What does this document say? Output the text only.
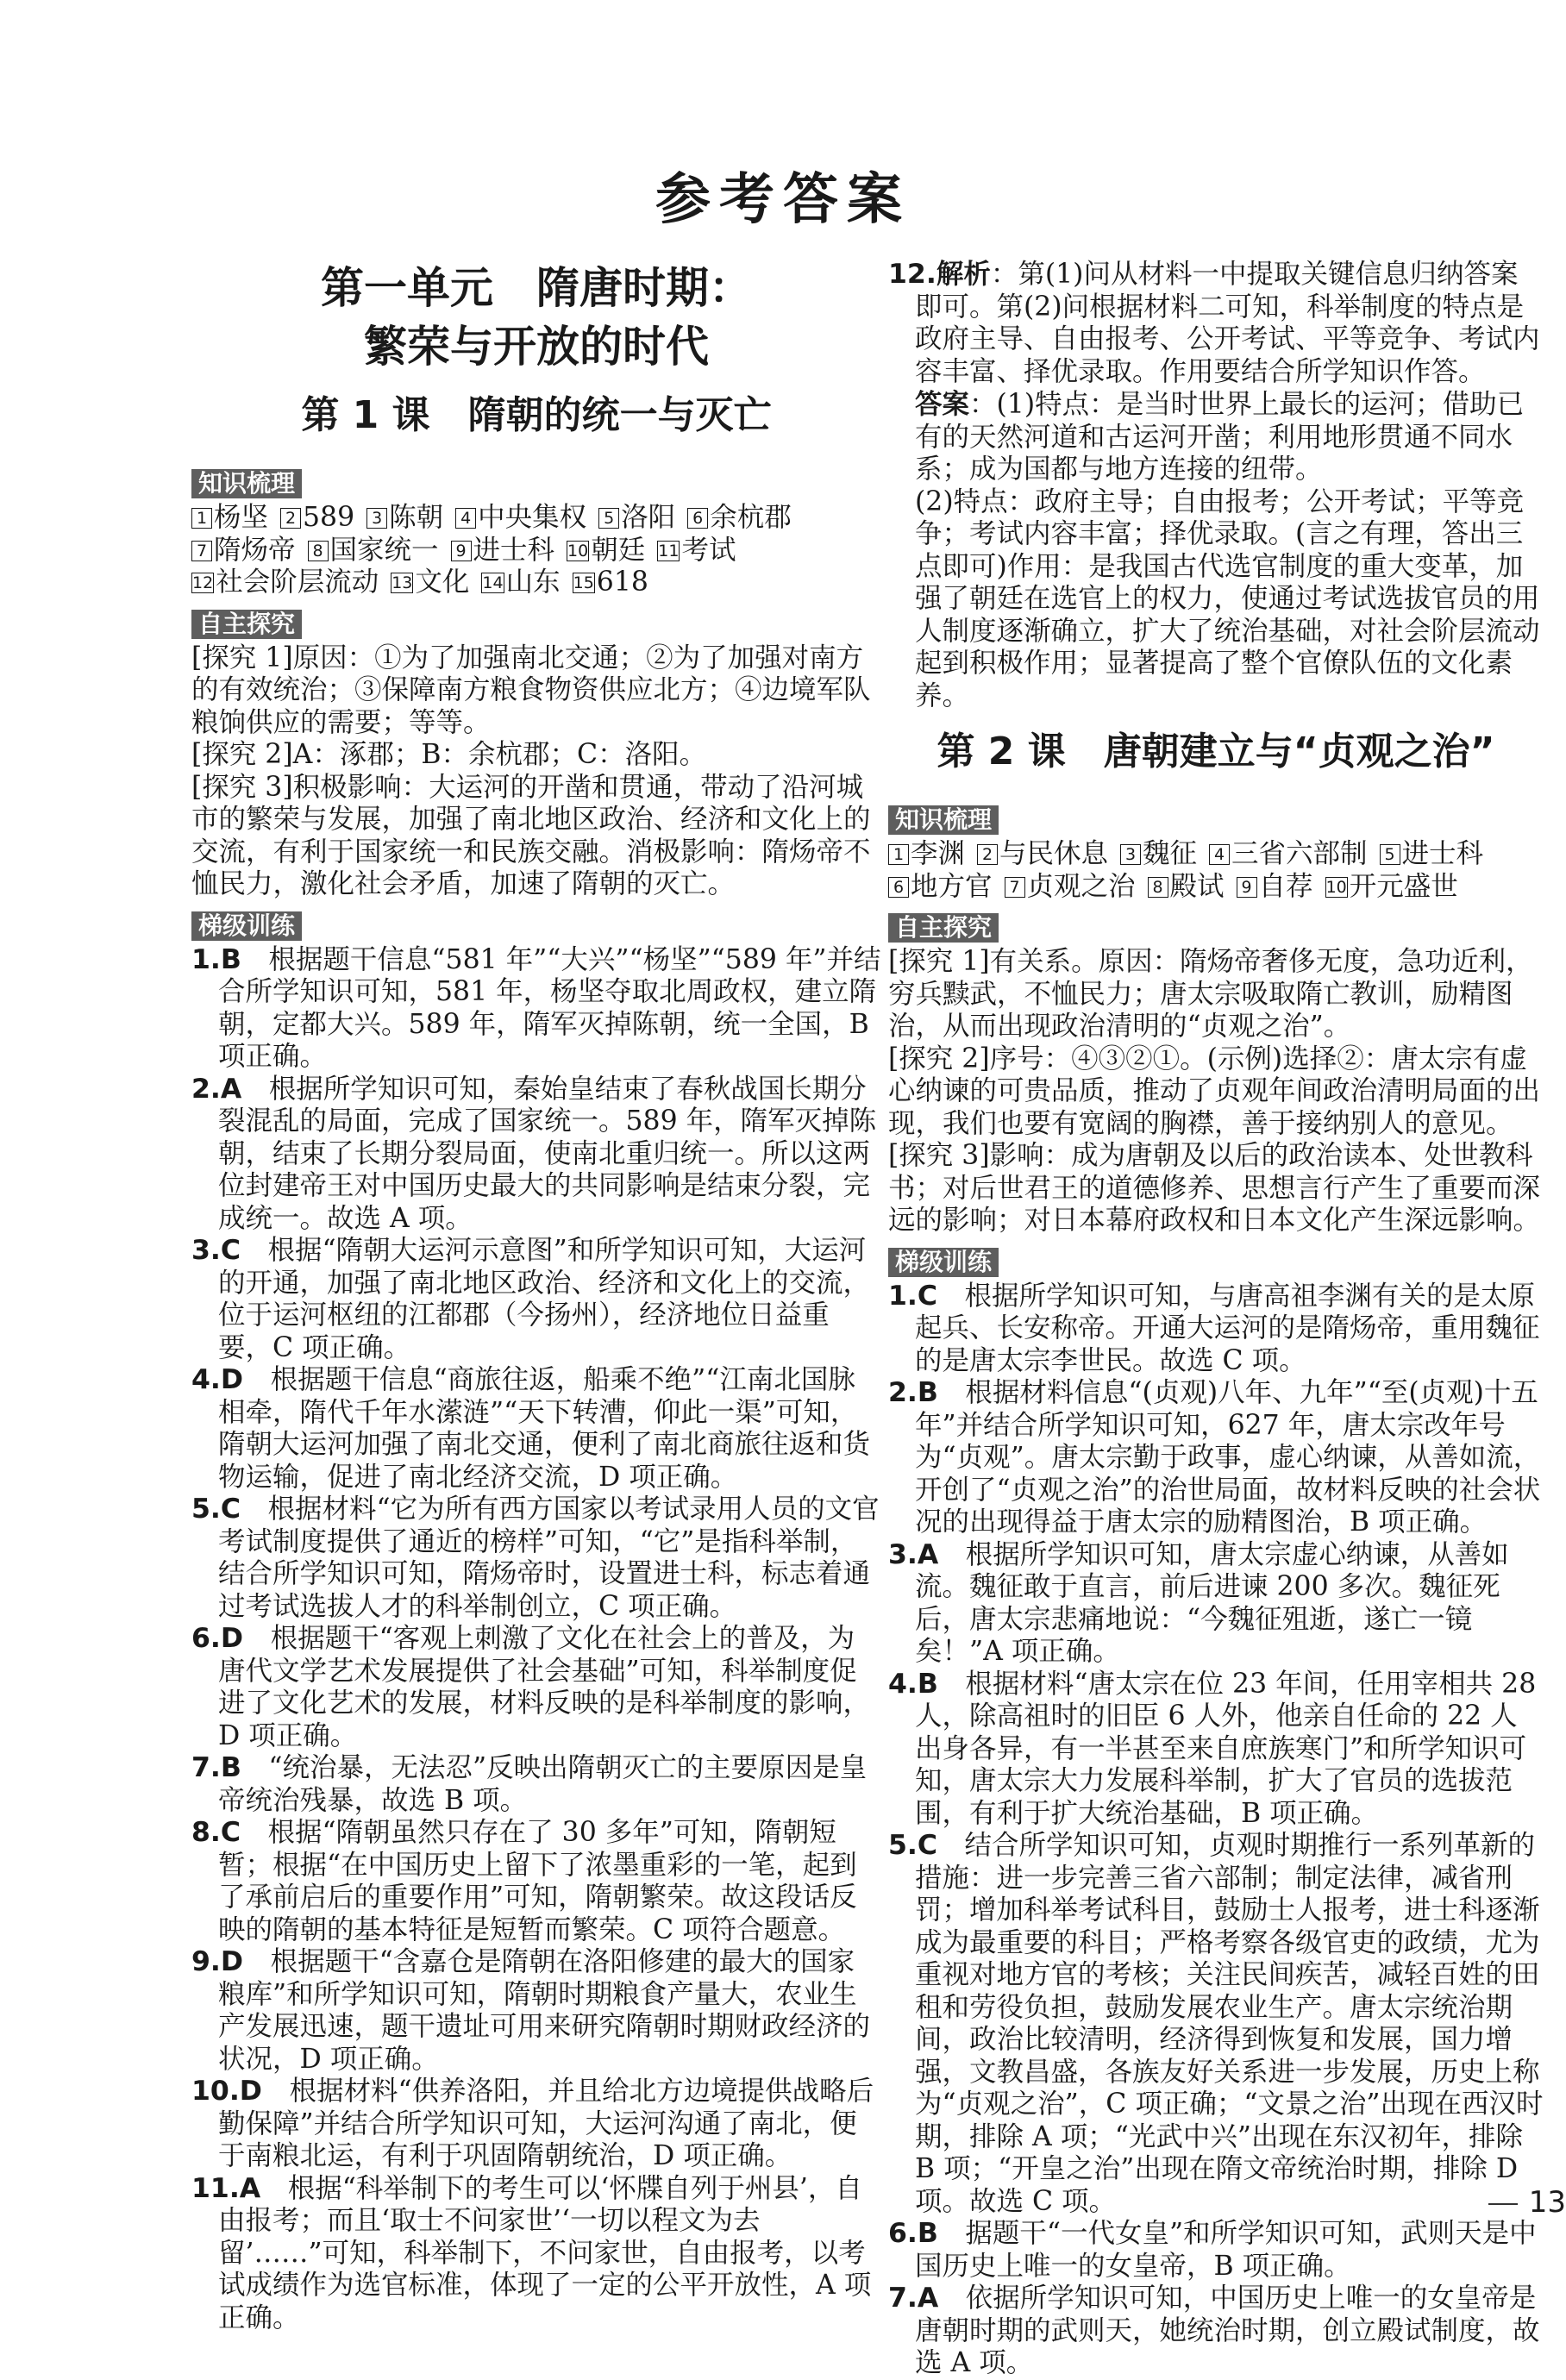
参考答案
第一单元　隋唐时期：
繁荣与开放的时代
第 1 课　隋朝的统一与灭亡
知识梳理
1 杨坚	2 589	3 陈朝	4 中央集权	5 洛阳	6 余杭郡
7 隋炀帝	8 国家统一	9 进士科 10朝廷 11考试
12社会阶层流动 13文化 14山东 15618
自主探究

[探究 1]原因：①为了加强南北交通；②为了加强对南方的有效统治；③保障南方粮食物资供应北方；④边境军队粮饷供应的需要；等等。

[探究 2]A：涿郡；B：余杭郡；C：洛阳。

[探究 3]积极影响：大运河的开凿和贯通，带动了沿河城市的繁荣与发展，加强了南北地区政治、经济和文化上的交流，有利于国家统一和民族交融。消极影响：隋炀帝不恤民力，激化社会矛盾，加速了隋朝的灭亡。

梯级训练

1.B　 根据题干信息“581 年”“大兴”“杨坚”“589 年”并结合所学知识可知，581 年，杨坚夺取北周政权，建立隋朝，定都大兴。589 年，隋军灭掉陈朝，统一全国，B 项正确。

2.A　 根据所学知识可知，秦始皇结束了春秋战国长期分裂混乱的局面，完成了国家统一。589 年，隋军灭掉陈朝，结束了长期分裂局面，使南北重归统一。所以这两位封建帝王对中国历史最大的共同影响是结束分裂，完成统一。故选 A 项。

3.C　 根据“隋朝大运河示意图”和所学知识可知，大运河的开通，加强了南北地区政治、经济和文化上的交流，位于运河枢纽的江都郡（今扬州），经济地位日益重要，C 项正确。

4.D　 根据题干信息“商旅往返，船乘不绝”“江南北国脉相牵，隋代千年水潆涟”“天下转漕，仰此一渠”可知，隋朝大运河加强了南北交通，便利了南北商旅往返和货物运输，促进了南北经济交流，D 项正确。

5.C　 根据材料“它为所有西方国家以考试录用人员的文官考试制度提供了通近的榜样”可知，“它”是指科举制，结合所学知识可知，隋炀帝时，设置进士科，标志着通过考试选拔人才的科举制创立，C 项正确。

6.D　 根据题干“客观上刺激了文化在社会上的普及，为唐代文学艺术发展提供了社会基础”可知，科举制度促进了文化艺术的发展，材料反映的是科举制度的影响，D 项正确。

7.B　 “统治暴，无法忍”反映出隋朝灭亡的主要原因是皇帝统治残暴，故选 B 项。

8.C　 根据“隋朝虽然只存在了 30 多年”可知，隋朝短暂；根据“在中国历史上留下了浓墨重彩的一笔，起到了承前启后的重要作用”可知，隋朝繁荣。故这段话反映的隋朝的基本特征是短暂而繁荣。C 项符合题意。

9.D　 根据题干“含嘉仓是隋朝在洛阳修建的最大的国家粮库”和所学知识可知，隋朝时期粮食产量大，农业生产发展迅速，题干遗址可用来研究隋朝时期财政经济的状况，D 项正确。

10.D　 根据材料“供养洛阳，并且给北方边境提供战略后勤保障”并结合所学知识可知，大运河沟通了南北，便于南粮北运，有利于巩固隋朝统治，D 项正确。

11.A　 根据“科举制下的考生可以‘怀牒自列于州县’，自由报考；而且‘取士不问家世’‘一切以程文为去留’……”可知，科举制下，不问家世，自由报考，以考试成绩作为选官标准，体现了一定的公平开放性，A 项正确。

12.解析：第(1)问从材料一中提取关键信息归纳答案即可。第(2)问根据材料二可知，科举制度的特点是政府主导、自由报考、公开考试、平等竞争、考试内容丰富、择优录取。作用要结合所学知识作答。

答案：(1)特点：是当时世界上最长的运河；借助已有的天然河道和古运河开凿；利用地形贯通不同水系；成为国都与地方连接的纽带。

(2)特点：政府主导；自由报考；公开考试；平等竞争；考试内容丰富；择优录取。(言之有理，答出三点即可)作用：是我国古代选官制度的重大变革，加强了朝廷在选官上的权力，使通过考试选拔官员的用人制度逐渐确立，扩大了统治基础，对社会阶层流动起到积极作用；显著提高了整个官僚队伍的文化素养。

第 2 课　唐朝建立与“贞观之治”
知识梳理
1 李渊	2 与民休息	3 魏征	4 三省六部制	5 进士科
6 地方官	7 贞观之治	8 殿试	9 自荐 10开元盛世
自主探究

[探究 1]有关系。原因：隋炀帝奢侈无度，急功近利，穷兵黩武，不恤民力；唐太宗吸取隋亡教训，励精图治，从而出现政治清明的“贞观之治”。

[探究 2]序号：④③②①。(示例)选择②：唐太宗有虚心纳谏的可贵品质，推动了贞观年间政治清明局面的出现，我们也要有宽阔的胸襟，善于接纳别人的意见。

[探究 3]影响：成为唐朝及以后的政治读本、处世教科书；对后世君王的道德修养、思想言行产生了重要而深远的影响；对日本幕府政权和日本文化产生深远影响。

梯级训练

1.C　 根据所学知识可知，与唐高祖李渊有关的是太原起兵、长安称帝。开通大运河的是隋炀帝，重用魏征的是唐太宗李世民。故选 C 项。

2.B　 根据材料信息“(贞观)八年、九年”“至(贞观)十五年”并结合所学知识可知，627 年，唐太宗改年号为“贞观”。唐太宗勤于政事，虚心纳谏，从善如流，开创了“贞观之治”的治世局面，故材料反映的社会状况的出现得益于唐太宗的励精图治，B 项正确。

3.A　 根据所学知识可知，唐太宗虚心纳谏，从善如流。魏征敢于直言，前后进谏 200 多次。魏征死后，唐太宗悲痛地说：“今魏征殂逝，遂亡一镜矣！”A 项正确。

4.B　 根据材料“唐太宗在位 23 年间，任用宰相共 28 人，除高祖时的旧臣 6 人外，他亲自任命的 22 人出身各异，有一半甚至来自庶族寒门”和所学知识可知，唐太宗大力发展科举制，扩大了官员的选拔范围，有利于扩大统治基础，B 项正确。

5.C　 结合所学知识可知，贞观时期推行一系列革新的措施：进一步完善三省六部制；制定法律，减省刑罚；增加科举考试科目，鼓励士人报考，进士科逐渐成为最重要的科目；严格考察各级官吏的政绩，尤为重视对地方官的考核；关注民间疾苦，减轻百姓的田租和劳役负担，鼓励发展农业生产。唐太宗统治期间，政治比较清明，经济得到恢复和发展，国力增强，文教昌盛，各族友好关系进一步发展，历史上称为“贞观之治”，C 项正确；“文景之治”出现在西汉时期，排除 A 项；“光武中兴”出现在东汉初年，排除 B 项；“开皇之治”出现在隋文帝统治时期，排除 D 项。故选 C 项。

6.B　 据题干“一代女皇”和所学知识可知，武则天是中国历史上唯一的女皇帝，B 项正确。

7.A　 依据所学知识可知，中国历史上唯一的女皇帝是唐朝时期的武则天，她统治时期，创立殿试制度，故选 A 项。

13
